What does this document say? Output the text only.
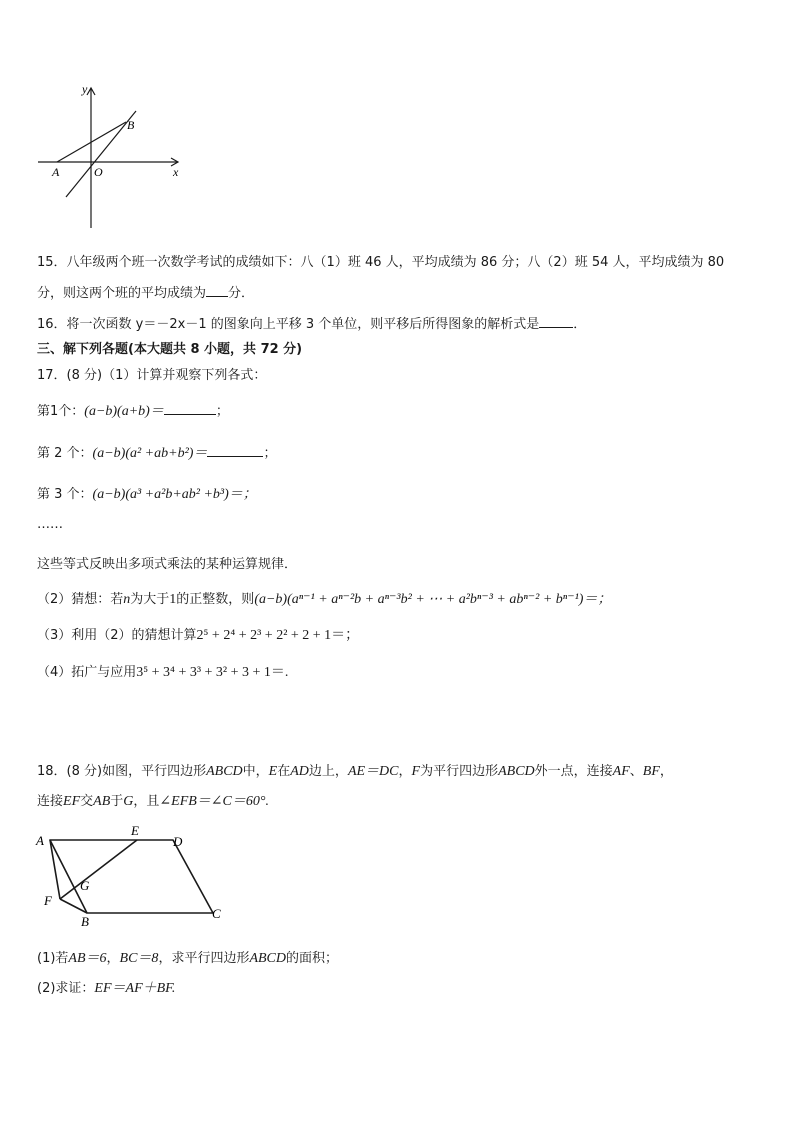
y
x
A	O
B
15．八年级两个班一次数学考试的成绩如下：八（1）班 46 人，平均成绩为 86 分；八（2）班 54 人，平均成绩为 80
分，则这两个班的平均成绩为 分．
16．将一次函数 y＝－2x－1 的图象向上平移 3 个单位，则平移后所得图象的解析式是	．
三、解下列各题(本大题共 8 小题，共 72 分)
17．(8 分)（1）计算并观察下列各式：
第1个：(a−b)(a+b)＝	；
第 2 个：(a−b)(a² +ab+b²)＝	；
第 3 个：(a−b)(a³ +a²b+ab² +b³)＝；
……
这些等式反映出多项式乘法的某种运算规律．
（2）猜想：若n为大于1的正整数，则(a−b)(aⁿ⁻¹ + aⁿ⁻²b + aⁿ⁻³b² + ⋯ + a²bⁿ⁻³ + abⁿ⁻² + bⁿ⁻¹)＝；
（3）利用（2）的猜想计算2⁵ + 2⁴ + 2³ + 2² + 2 + 1＝；
（4）拓广与应用3⁵ + 3⁴ + 3³ + 3² + 3 + 1＝.
18．(8 分)如图，平行四边形ABCD中，E在AD边上，AE＝DC，F为平行四边形ABCD外一点，连接AF、BF，
连接EF交AB于G，且∠EFB＝∠C＝60°.
A
E
D
G
F
B
C
(1)若AB＝6，BC＝8，求平行四边形ABCD的面积；
(2)求证：EF＝AF＋BF.
